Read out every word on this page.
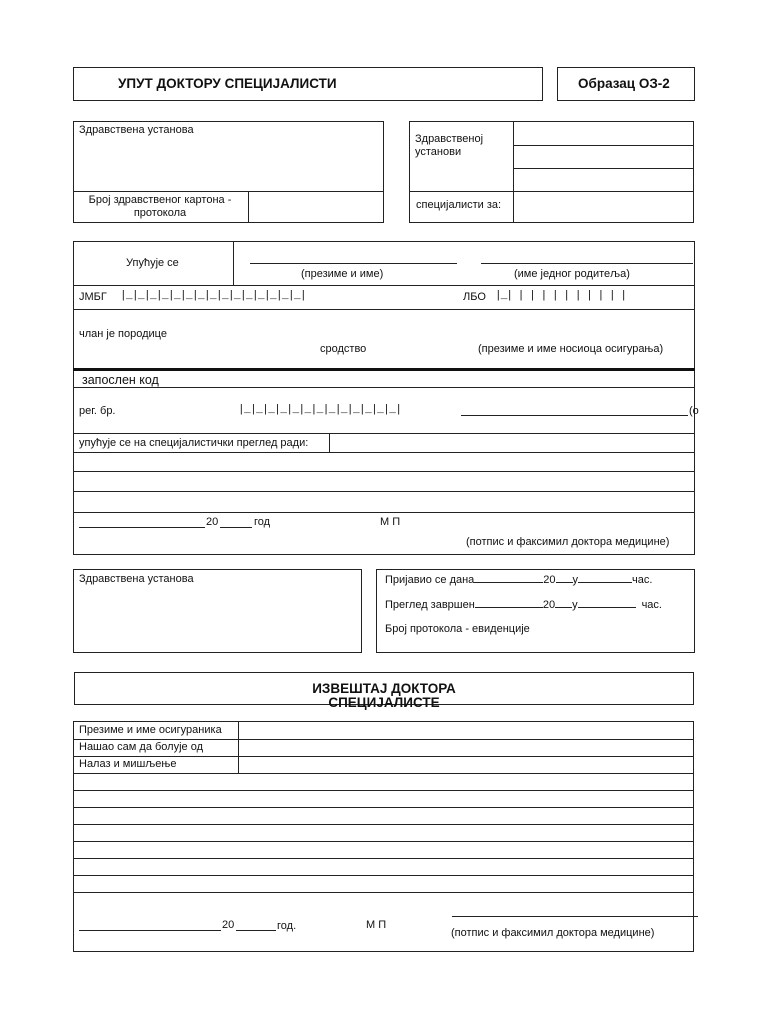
УПУТ ДОКТОРУ СПЕЦИЈАЛИСТИ	Образац ОЗ-2
Здравствена установа
Број здравственог картона - протокола
Здравственој установи
специјалисти за:
Упућује се
(презиме и име)	(име једног родитеља)
ЈМБГ |_|_|_|_|_|_|_|_|_|_|_|_|_|_|_|	ЛБО |_| | | | | | | | | | |
члан је породице
сродство	(презиме и име носиоца осигурања)
запослен код
рег. бр.	|_|_|_|_|_|_|_|_|_|_|_|_|_|	(о
упућује се на специјалистички преглед ради:
20	год	М П
(потпис и факсимил доктора медицине)
Здравствена установа	Пријавио се дана	20 у	час.
Преглед завршен	20 у	час.
Број протокола - евиденције
ИЗВЕШТАЈ ДОКТОРА
СПЕЦИЈАЛИСТЕ
Презиме и име осигураника
Нашао сам да болује од
Налаз и мишљење
20	год.	М П
(потпис и факсимил доктора медицине)
